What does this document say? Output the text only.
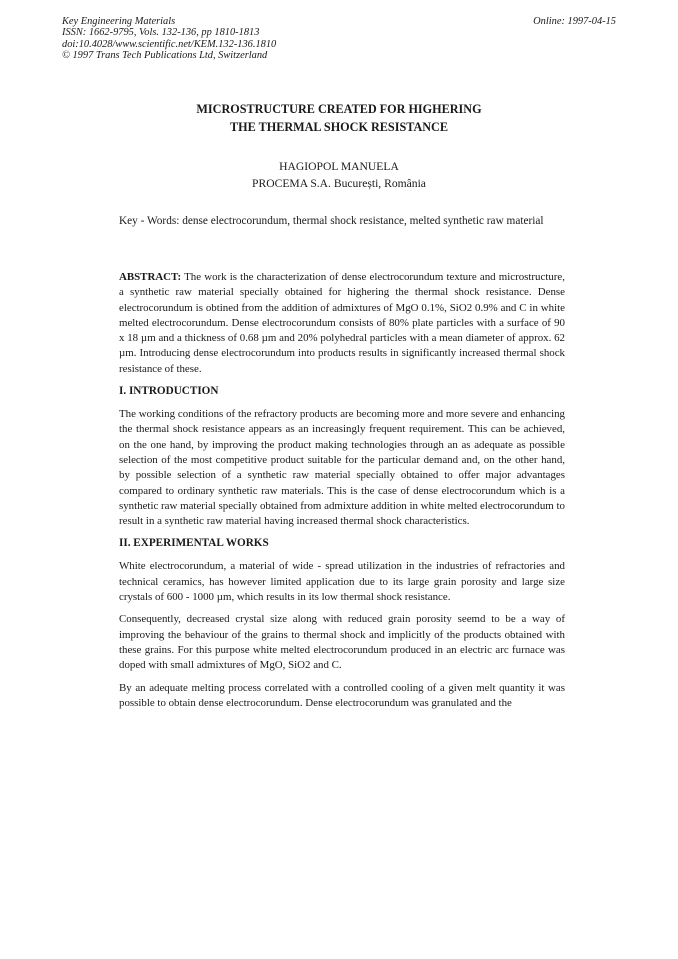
Key Engineering Materials
ISSN: 1662-9795, Vols. 132-136, pp 1810-1813
doi:10.4028/www.scientific.net/KEM.132-136.1810
© 1997 Trans Tech Publications Ltd, Switzerland
Online: 1997-04-15
MICROSTRUCTURE CREATED FOR HIGHERING
THE THERMAL SHOCK RESISTANCE
HAGIOPOL MANUELA
PROCEMA S.A. București, România
Key - Words: dense electrocorundum, thermal shock resistance, melted synthetic raw material

ABSTRACT: The work is the characterization of dense electrocorundum texture and microstructure, a synthetic raw material specially obtained for highering the thermal shock resistance. Dense electrocorundum is obtined from the addition of admixtures of MgO 0.1%, SiO2 0.9% and C in white melted electrocorundum. Dense electrocorundum consists of 80% plate particles with a surface of 90 x 18 µm and a thickness of 0.68 µm and 20% polyhedral particles with a mean diameter of approx. 62 µm. Introducing dense electrocorundum into products results in significantly increased thermal shock resistance of these.

I. INTRODUCTION

The working conditions of the refractory products are becoming more and more severe and enhancing the thermal shock resistance appears as an increasingly frequent requirement. This can be achieved, on the one hand, by improving the product making technologies through an as adequate as possible selection of the most competitive product suitable for the particular demand and, on the other hand, by possible selection of a synthetic raw material specially obtained to offer major advantages compared to ordinary synthetic raw materials. This is the case of dense electrocorundum which is a synthetic raw material specially obtained from admixture addition in white melted electrocorundum to result in a synthetic raw material having increased thermal shock characteristics.

II. EXPERIMENTAL WORKS

White electrocorundum, a material of wide - spread utilization in the industries of refractories and technical ceramics, has however limited application due to its large grain porosity and large size crystals of 600 - 1000 µm, which results in its low thermal shock resistance.

Consequently, decreased crystal size along with reduced grain porosity seemd to be a way of improving the behaviour of the grains to thermal shock and implicitly of the products obtained with these grains. For this purpose white melted electrocorundum produced in an electric arc furnace was doped with small admixtures of MgO, SiO2 and C.

By an adequate melting process correlated with a controlled cooling of a given melt quantity it was possible to obtain dense electrocorundum. Dense electrocorundum was granulated and the
